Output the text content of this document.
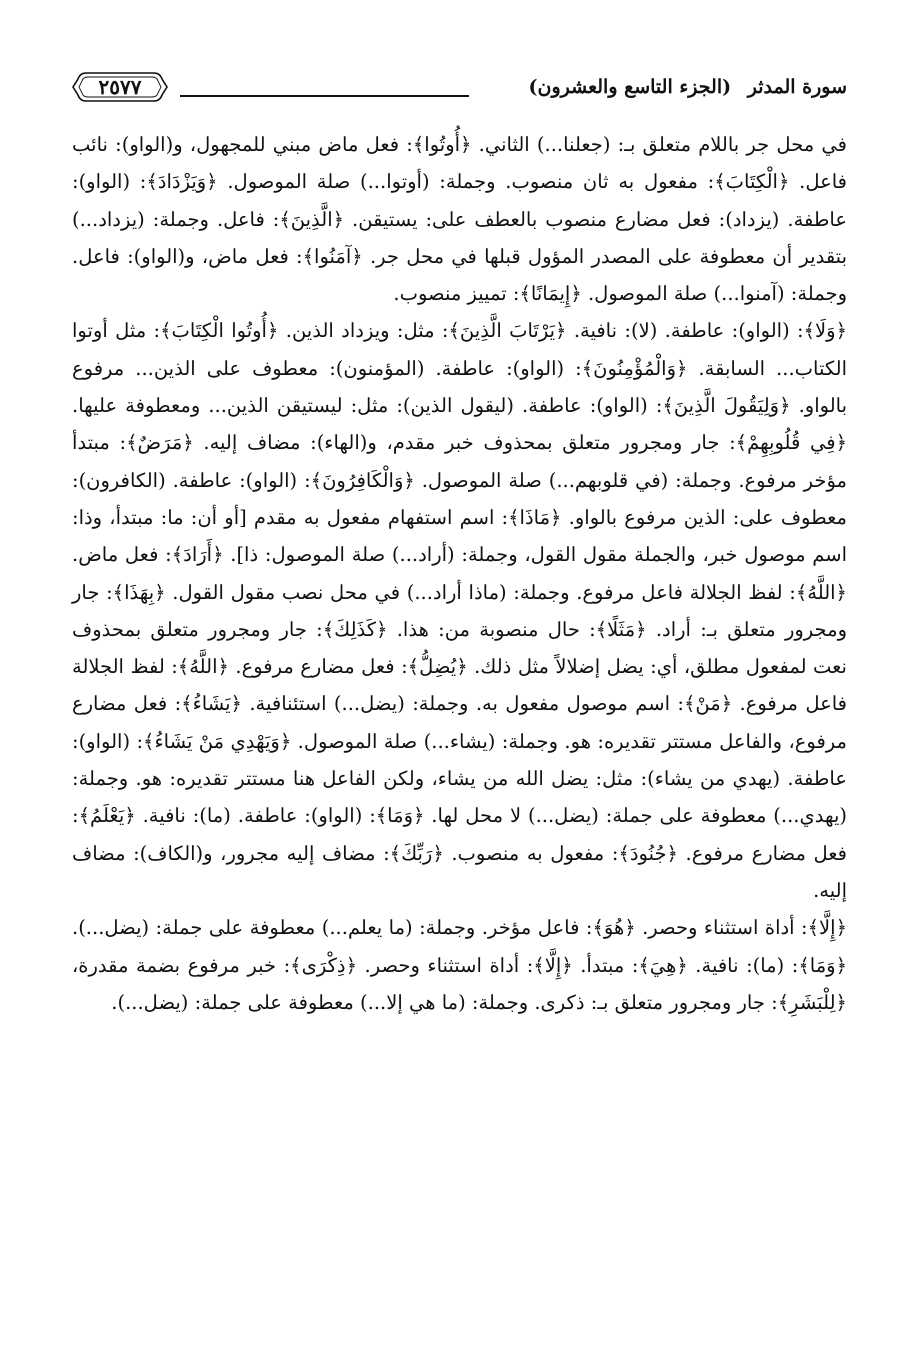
سورة المدثر (الجزء التاسع والعشرون)
٢٥٧٧

في محل جر باللام متعلق بـ: (جعلنا...) الثاني. ﴿أُوتُوا﴾: فعل ماض مبني للمجهول، و(الواو): نائب فاعل. ﴿الْكِتَابَ﴾: مفعول به ثان منصوب. وجملة: (أوتوا...) صلة الموصول. ﴿وَيَزْدَادَ﴾: (الواو): عاطفة. (يزداد): فعل مضارع منصوب بالعطف على: يستيقن. ﴿الَّذِينَ﴾: فاعل. وجملة: (يزداد...) بتقدير أن معطوفة على المصدر المؤول قبلها في محل جر. ﴿آمَنُوا﴾: فعل ماض، و(الواو): فاعل. وجملة: (آمنوا...) صلة الموصول. ﴿إِيمَانًا﴾: تمييز منصوب.

﴿وَلَا﴾: (الواو): عاطفة. (لا): نافية. ﴿يَرْتَابَ الَّذِينَ﴾: مثل: ويزداد الذين. ﴿أُوتُوا الْكِتَابَ﴾: مثل أوتوا الكتاب... السابقة. ﴿وَالْمُؤْمِنُونَ﴾: (الواو): عاطفة. (المؤمنون): معطوف على الذين... مرفوع بالواو. ﴿وَلِيَقُولَ الَّذِينَ﴾: (الواو): عاطفة. (ليقول الذين): مثل: ليستيقن الذين... ومعطوفة عليها. ﴿فِي قُلُوبِهِمْ﴾: جار ومجرور متعلق بمحذوف خبر مقدم، و(الهاء): مضاف إليه. ﴿مَرَضٌ﴾: مبتدأ مؤخر مرفوع. وجملة: (في قلوبهم...) صلة الموصول. ﴿وَالْكَافِرُونَ﴾: (الواو): عاطفة. (الكافرون): معطوف على: الذين مرفوع بالواو. ﴿مَاذَا﴾: اسم استفهام مفعول به مقدم [أو أن: ما: مبتدأ، وذا: اسم موصول خبر، والجملة مقول القول، وجملة: (أراد...) صلة الموصول: ذا]. ﴿أَرَادَ﴾: فعل ماض. ﴿اللَّهُ﴾: لفظ الجلالة فاعل مرفوع. وجملة: (ماذا أراد...) في محل نصب مقول القول. ﴿بِهَذَا﴾: جار ومجرور متعلق بـ: أراد. ﴿مَثَلًا﴾: حال منصوبة من: هذا. ﴿كَذَلِكَ﴾: جار ومجرور متعلق بمحذوف نعت لمفعول مطلق، أي: يضل إضلالاً مثل ذلك. ﴿يُضِلُّ﴾: فعل مضارع مرفوع. ﴿اللَّهُ﴾: لفظ الجلالة فاعل مرفوع. ﴿مَنْ﴾: اسم موصول مفعول به. وجملة: (يضل...) استئنافية. ﴿يَشَاءُ﴾: فعل مضارع مرفوع، والفاعل مستتر تقديره: هو. وجملة: (يشاء...) صلة الموصول. ﴿وَيَهْدِي مَنْ يَشَاءُ﴾: (الواو): عاطفة. (يهدي من يشاء): مثل: يضل الله من يشاء، ولكن الفاعل هنا مستتر تقديره: هو. وجملة: (يهدي...) معطوفة على جملة: (يضل...) لا محل لها. ﴿وَمَا﴾: (الواو): عاطفة. (ما): نافية. ﴿يَعْلَمُ﴾: فعل مضارع مرفوع. ﴿جُنُودَ﴾: مفعول به منصوب. ﴿رَبِّكَ﴾: مضاف إليه مجرور، و(الكاف): مضاف إليه.

﴿إِلَّا﴾: أداة استثناء وحصر. ﴿هُوَ﴾: فاعل مؤخر. وجملة: (ما يعلم...) معطوفة على جملة: (يضل...). ﴿وَمَا﴾: (ما): نافية. ﴿هِيَ﴾: مبتدأ. ﴿إِلَّا﴾: أداة استثناء وحصر. ﴿ذِكْرَى﴾: خبر مرفوع بضمة مقدرة، ﴿لِلْبَشَرِ﴾: جار ومجرور متعلق بـ: ذكرى. وجملة: (ما هي إلا...) معطوفة على جملة: (يضل...).
